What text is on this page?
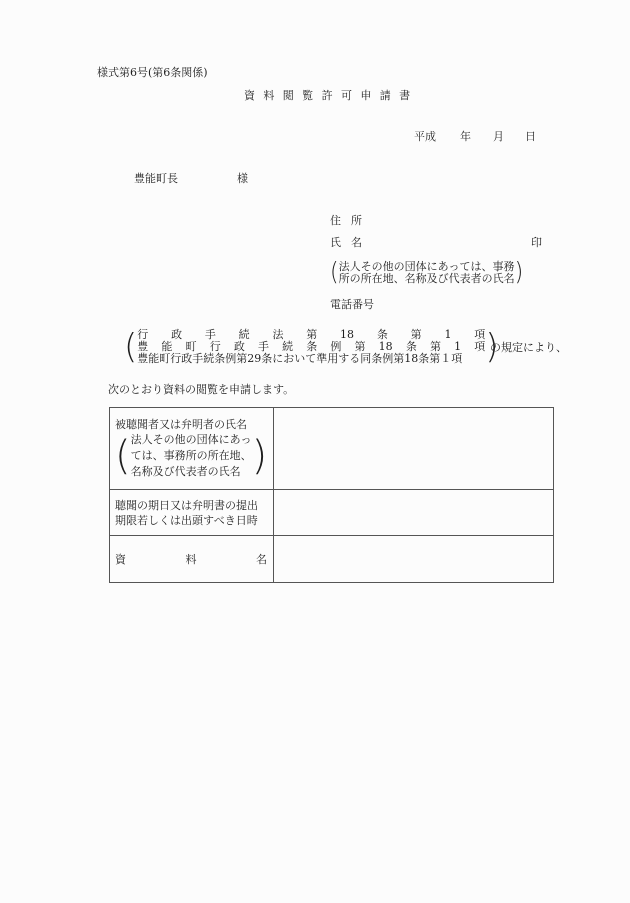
様式第6号(第6条関係)
資 料 閲 覧 許 可 申 請 書
平成 年 月 日
豊能町長	様
住 所
氏 名	印
( 法人その他の団体にあっては、事務
所の所在地、名称及び代表者の氏名 )
電話番号
( 行 政 手 続 法 第 18 条 第 1 項
豊 能 町 行 政 手 続 条 例 第 18 条 第 1 項
豊能町行政手続条例第29条において準用する同条例第18条第１項 )
の規定により、
次のとおり資料の閲覧を申請します。
被聴聞者又は弁明者の氏名
( 法人その他の団体にあっ
ては、事務所の所在地、
名称及び代表者の氏名 )

聴聞の期日又は弁明書の提出
期限若しくは出頭すべき日時	

資 料 名	
